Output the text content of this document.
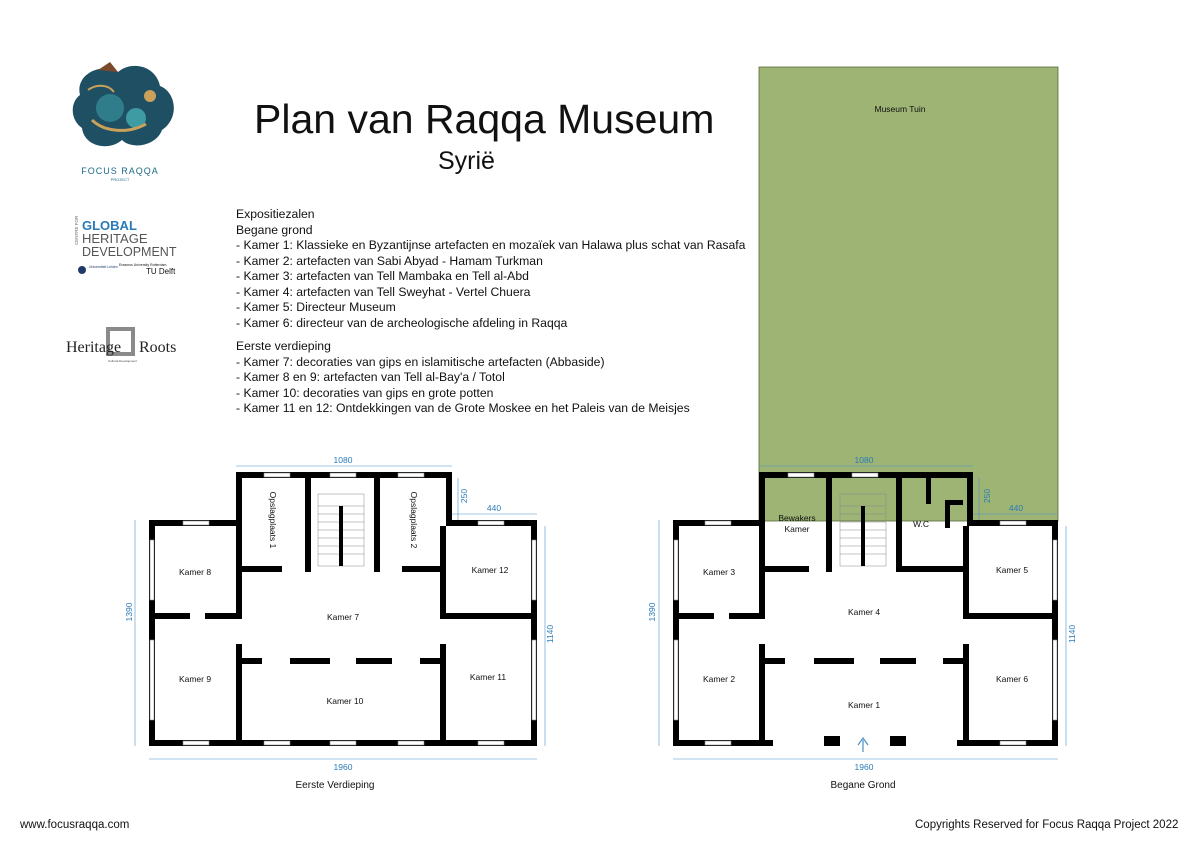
Plan van Raqqa Museum
Syrië
Expositiezalen
Begane grond
- Kamer 1: Klassieke en Byzantijnse artefacten en mozaïek van Halawa plus schat van Rasafa
- Kamer 2: artefacten van Sabi Abyad - Hamam Turkman
- Kamer 3: artefacten van Tell Mambaka en Tell al-Abd
- Kamer 4: artefacten van Tell Sweyhat - Vertel Chuera
- Kamer 5: Directeur Museum
- Kamer 6: directeur van de archeologische afdeling in Raqqa
Eerste verdieping
- Kamer 7: decoraties van gips en islamitische artefacten (Abbaside)
- Kamer 8 en 9: artefacten van Tell al-Bay'a / Totol
- Kamer 10: decoraties van gips en grote potten
- Kamer 11 en 12: Ontdekkingen van de Grote Moskee en het Paleis van de Meisjes
www.focusraqqa.com	Copyrights Reserved for Focus Raqqa Project 2022
FOCUS RAQQA
PROJECT
CENTRE FOR GLOBAL
HERITAGE
DEVELOPMENT
Universiteit Leiden Erasmus University Rotterdam
TU Delft
Heritage Roots
Cultural Development
Museum Tuin
Kamer 8	Kamer 12
Kamer 7
Kamer 9
Kamer 10
Kamer 11
Opslagplaats 1	Opslagplaats 2
1080
1960
1390
1140
250
440
Eerste Verdieping
Kamer 3	Kamer 5
Kamer 4
Kamer 2
Kamer 1
Kamer 6
Bewakers
Kamer	W.C
1080
1960
1390
1140
250
440
Begane Grond
